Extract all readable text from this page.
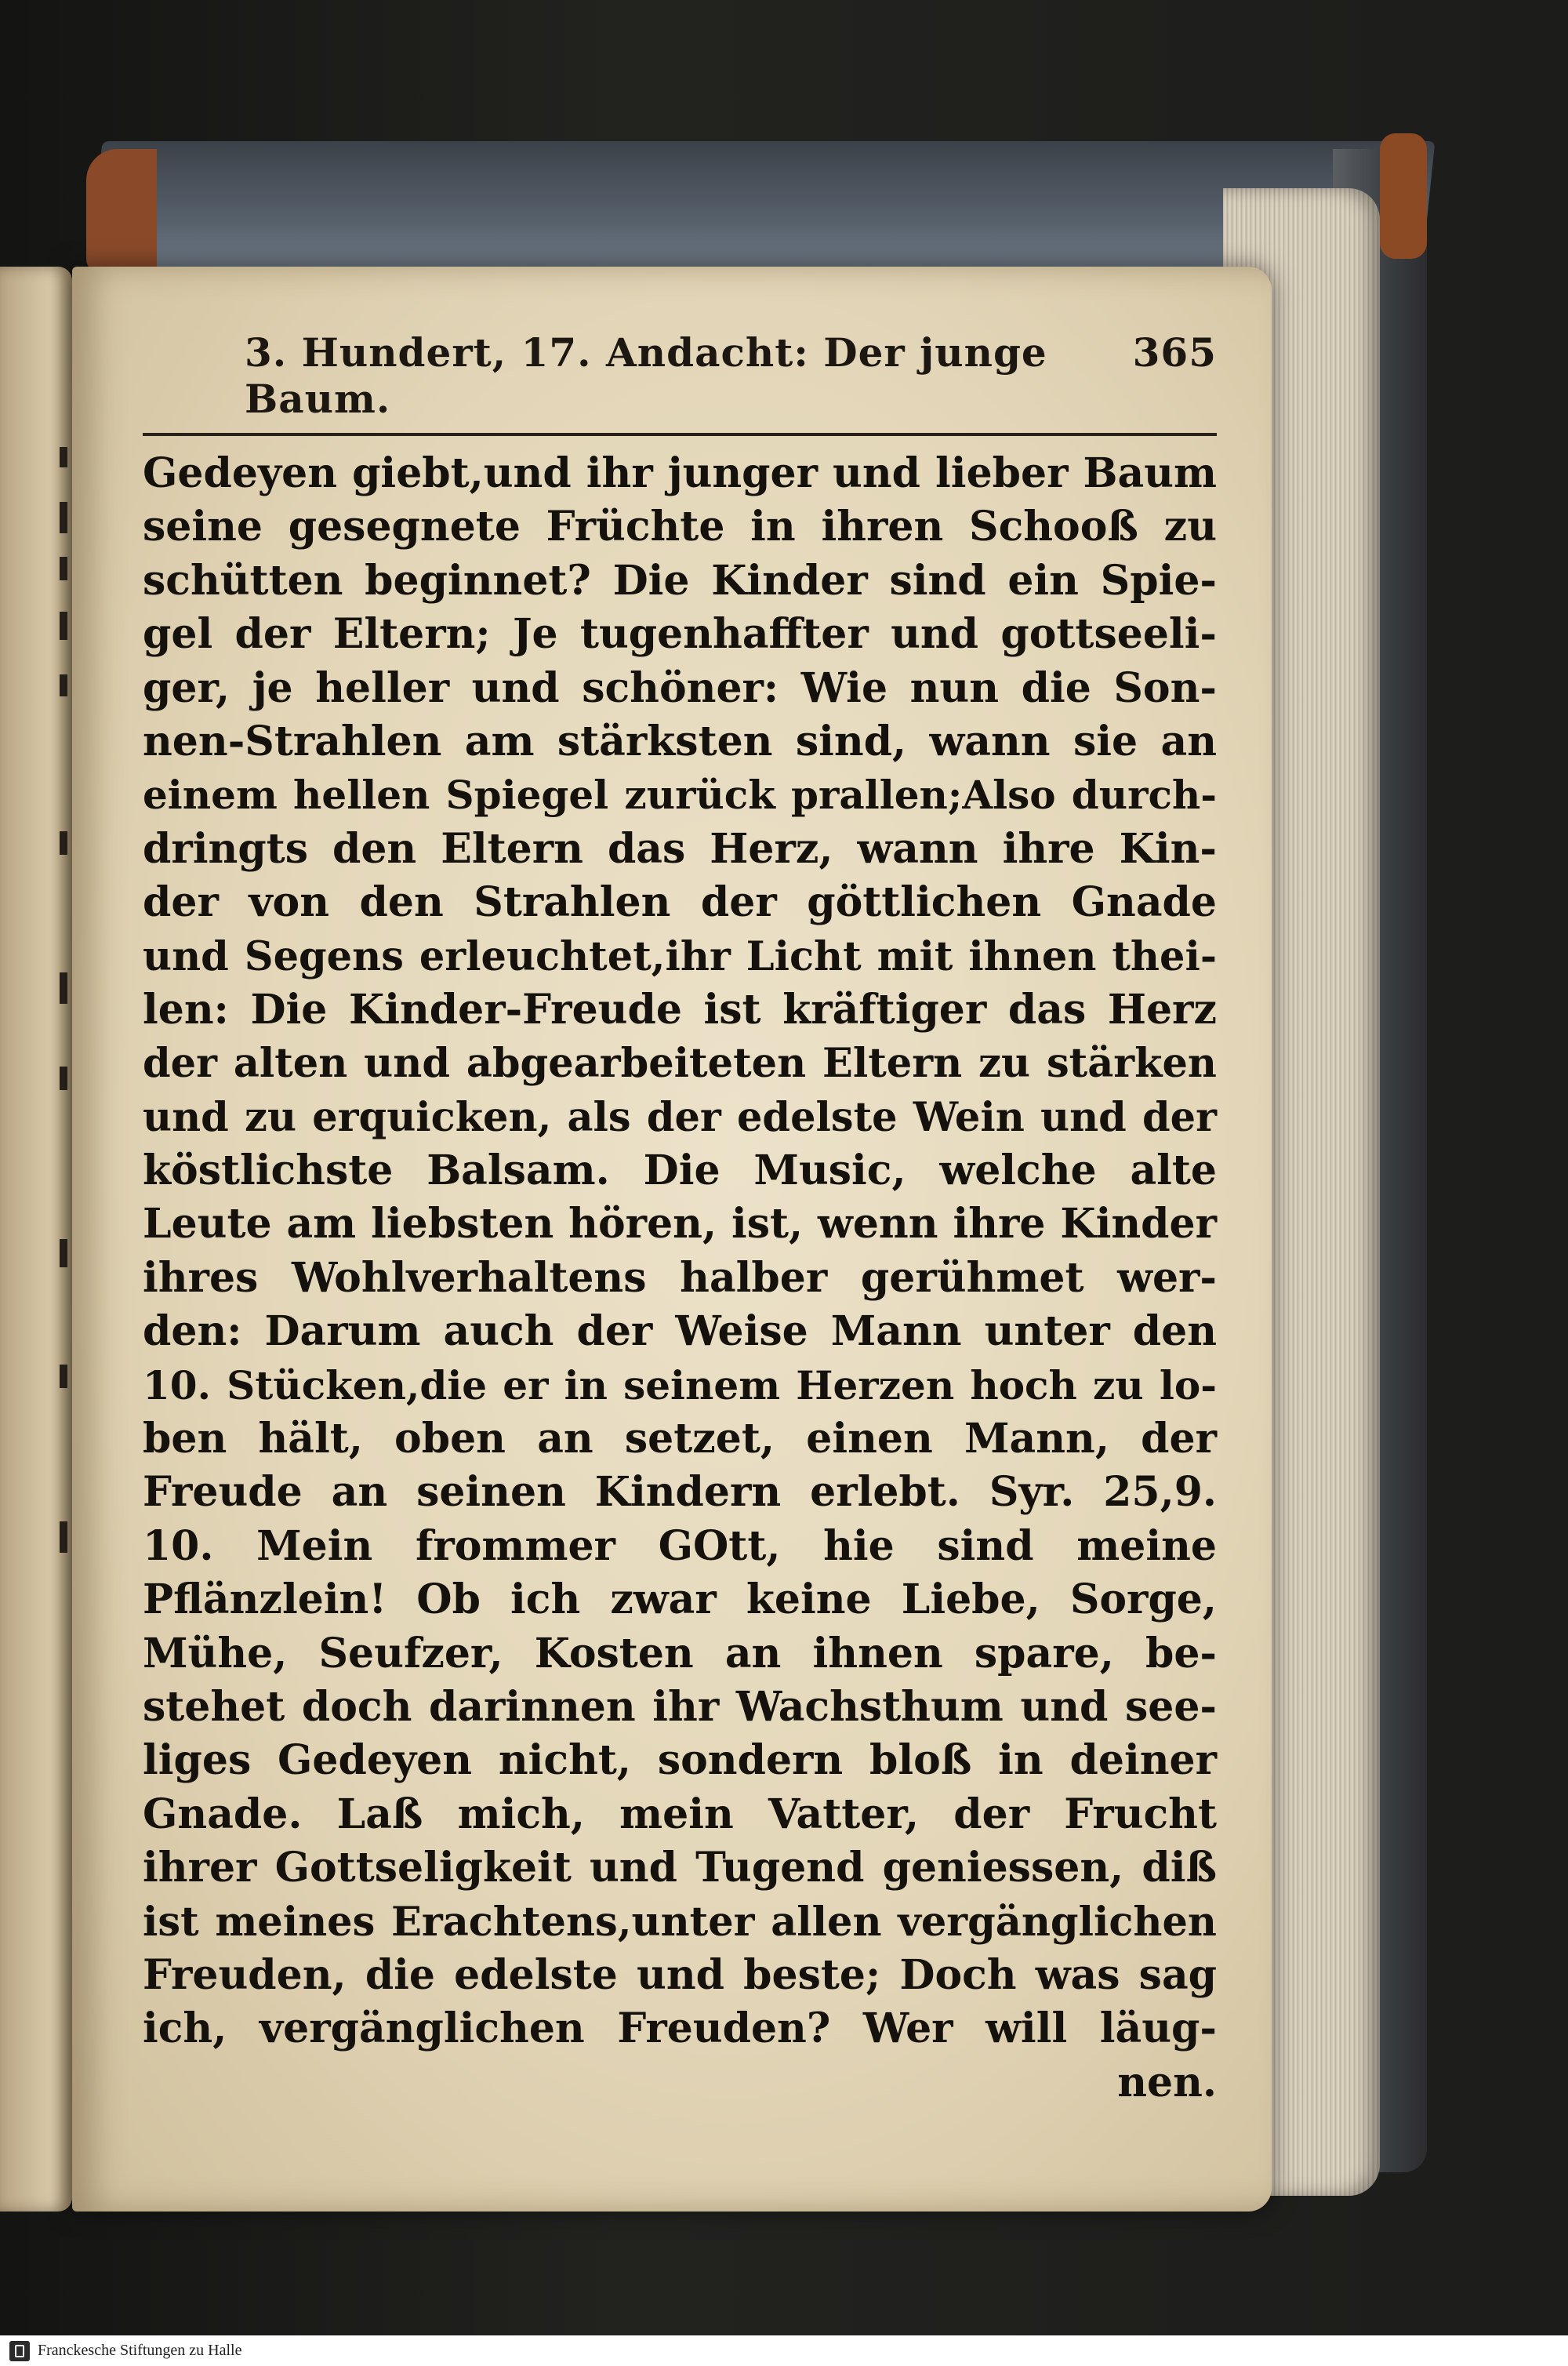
3. Hundert, 17. Andacht: Der junge Baum.
365
Gedeyen giebt,und ihr junger und lieber Baum
seine gesegnete Früchte in ihren Schooß zu
schütten beginnet? Die Kinder sind ein Spie-
gel der Eltern; Je tugenhaffter und gottseeli-
ger, je heller und schöner: Wie nun die Son-
nen-Strahlen am stärksten sind, wann sie an
einem hellen Spiegel zurück prallen;Also durch-
dringts den Eltern das Herz, wann ihre Kin-
der von den Strahlen der göttlichen Gnade
und Segens erleuchtet,ihr Licht mit ihnen thei-
len: Die Kinder-Freude ist kräftiger das Herz
der alten und abgearbeiteten Eltern zu stärken
und zu erquicken, als der edelste Wein und der
köstlichste Balsam. Die Music, welche alte
Leute am liebsten hören, ist, wenn ihre Kinder
ihres Wohlverhaltens halber gerühmet wer-
den: Darum auch der Weise Mann unter den
10. Stücken,die er in seinem Herzen hoch zu lo-
ben hält, oben an setzet, einen Mann, der
Freude an seinen Kindern erlebt. Syr. 25,9.
10. Mein frommer GOtt, hie sind meine
Pflänzlein! Ob ich zwar keine Liebe, Sorge,
Mühe, Seufzer, Kosten an ihnen spare, be-
stehet doch darinnen ihr Wachsthum und see-
liges Gedeyen nicht, sondern bloß in deiner
Gnade. Laß mich, mein Vatter, der Frucht
ihrer Gottseligkeit und Tugend geniessen, diß
ist meines Erachtens,unter allen vergänglichen
Freuden, die edelste und beste; Doch was sag
ich, vergänglichen Freuden? Wer will läug-
nen.
Franckesche Stiftungen zu Halle
